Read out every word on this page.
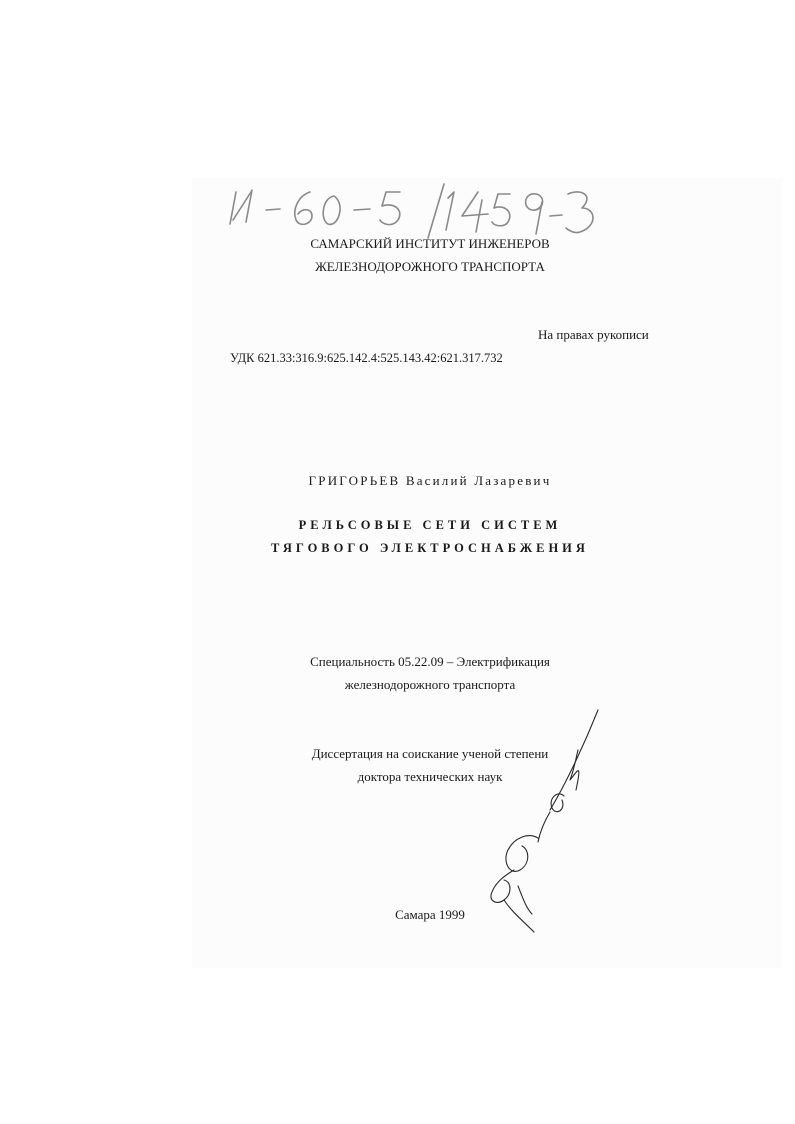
САМАРСКИЙ ИНСТИТУТ ИНЖЕНЕРОВ
ЖЕЛЕЗНОДОРОЖНОГО ТРАНСПОРТА
На правах рукописи
УДК 621.33:316.9:625.142.4:525.143.42:621.317.732
ГРИГОРЬЕВ Василий Лазаревич
РЕЛЬСОВЫЕ СЕТИ СИСТЕМ
ТЯГОВОГО ЭЛЕКТРОСНАБЖЕНИЯ
Специальность 05.22.09 – Электрификация
железнодорожного транспорта
Диссертация на соискание ученой степени
доктора технических наук
Самара 1999
